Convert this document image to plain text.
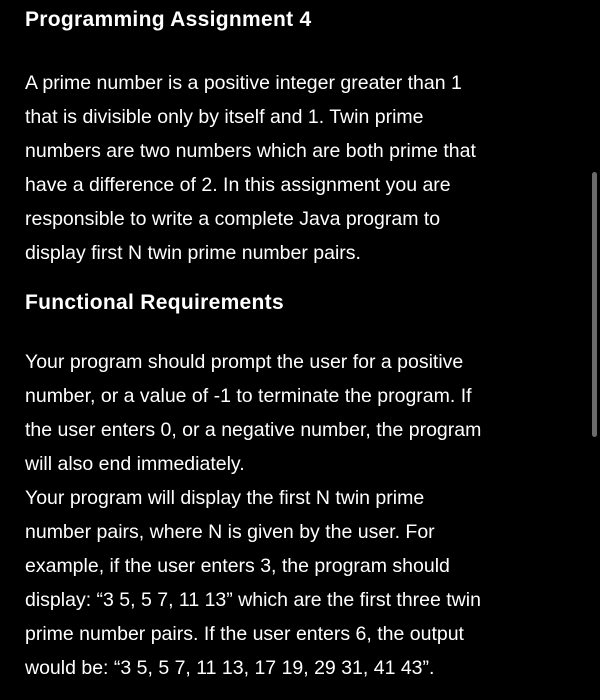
Programming Assignment 4

A prime number is a positive integer greater than 1
that is divisible only by itself and 1. Twin prime
numbers are two numbers which are both prime that
have a difference of 2. In this assignment you are
responsible to write a complete Java program to
display first N twin prime number pairs.

Functional Requirements

Your program should prompt the user for a positive
number, or a value of -1 to terminate the program. If
the user enters 0, or a negative number, the program
will also end immediately.

Your program will display the first N twin prime
number pairs, where N is given by the user. For
example, if the user enters 3, the program should
display: “3 5, 5 7, 11 13” which are the first three twin
prime number pairs. If the user enters 6, the output
would be: “3 5, 5 7, 11 13, 17 19, 29 31, 41 43”.
